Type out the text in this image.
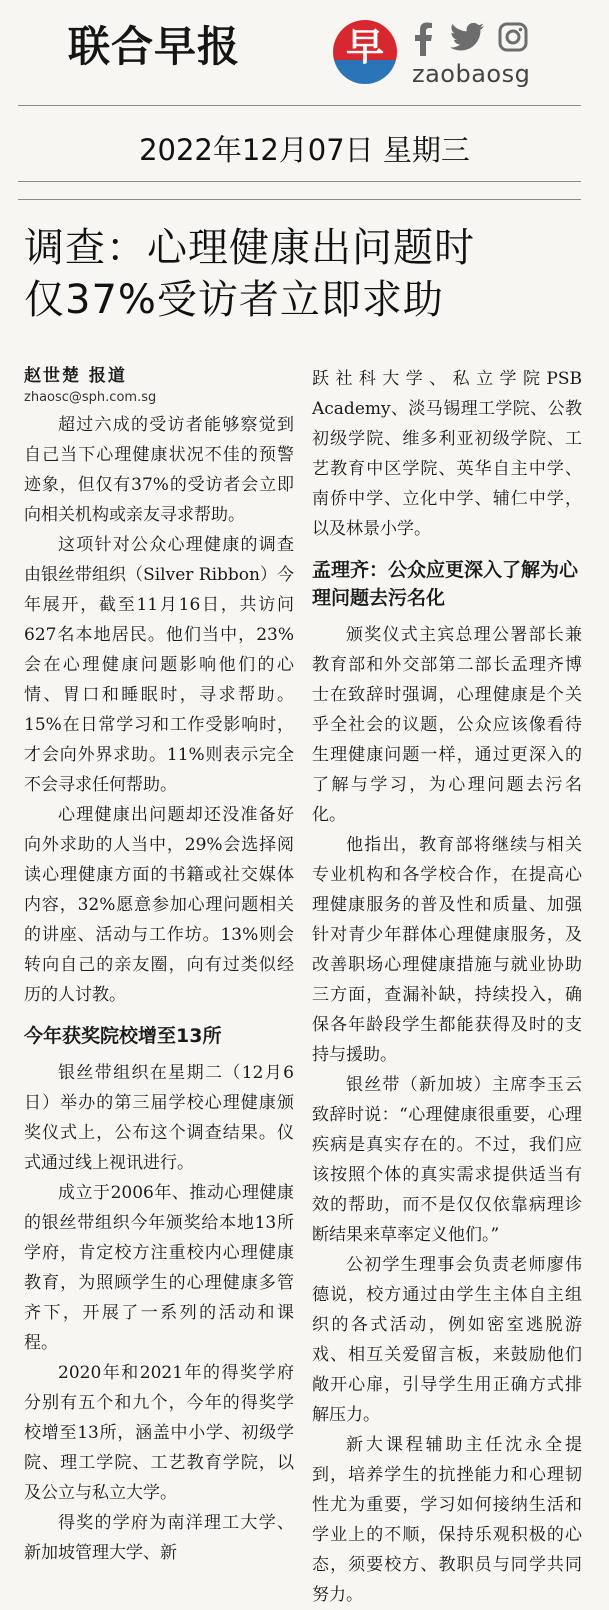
联合早报	早
zaobaosg
2022年12月07日 星期三
调查：心理健康出问题时
仅37%受访者立即求助
赵世楚 报道
zhaosc@sph.com.sg

超过六成的受访者能够察觉到自己当下心理健康状况不佳的预警迹象，但仅有37%的受访者会立即向相关机构或亲友寻求帮助。

这项针对公众心理健康的调查由银丝带组织（Silver Ribbon）今年展开，截至11月16日，共访问627名本地居民。他们当中，23%会在心理健康问题影响他们的心情、胃口和睡眠时，寻求帮助。15%在日常学习和工作受影响时，才会向外界求助。11%则表示完全不会寻求任何帮助。

心理健康出问题却还没准备好向外求助的人当中，29%会选择阅读心理健康方面的书籍或社交媒体内容，32%愿意参加心理问题相关的讲座、活动与工作坊。13%则会转向自己的亲友圈，向有过类似经历的人讨教。

今年获奖院校增至13所

银丝带组织在星期二（12月6日）举办的第三届学校心理健康颁奖仪式上，公布这个调查结果。仪式通过线上视讯进行。

成立于2006年、推动心理健康的银丝带组织今年颁奖给本地13所学府，肯定校方注重校内心理健康教育，为照顾学生的心理健康多管齐下，开展了一系列的活动和课程。

2020年和2021年的得奖学府分别有五个和九个，今年的得奖学校增至13所，涵盖中小学、初级学院、理工学院、工艺教育学院，以及公立与私立大学。

得奖的学府为南洋理工大学、新加坡管理大学、新

跃社科大学、私立学院PSB Academy、淡马锡理工学院、公教初级学院、维多利亚初级学院、工艺教育中区学院、英华自主中学、南侨中学、立化中学、辅仁中学，以及林景小学。

孟理齐：公众应更深入了解为心理问题去污名化

颁奖仪式主宾总理公署部长兼教育部和外交部第二部长孟理齐博士在致辞时强调，心理健康是个关乎全社会的议题，公众应该像看待生理健康问题一样，通过更深入的了解与学习，为心理问题去污名化。

他指出，教育部将继续与相关专业机构和各学校合作，在提高心理健康服务的普及性和质量、加强针对青少年群体心理健康服务，及改善职场心理健康措施与就业协助三方面，查漏补缺，持续投入，确保各年龄段学生都能获得及时的支持与援助。

银丝带（新加坡）主席李玉云致辞时说：“心理健康很重要，心理疾病是真实存在的。不过，我们应该按照个体的真实需求提供适当有效的帮助，而不是仅仅依靠病理诊断结果来草率定义他们。”

公初学生理事会负责老师廖伟德说，校方通过由学生主体自主组织的各式活动，例如密室逃脱游戏、相互关爱留言板，来鼓励他们敞开心扉，引导学生用正确方式排解压力。

新大课程辅助主任沈永全提到，培养学生的抗挫能力和心理韧性尤为重要，学习如何接纳生活和学业上的不顺，保持乐观积极的心态，须要校方、教职员与同学共同努力。
